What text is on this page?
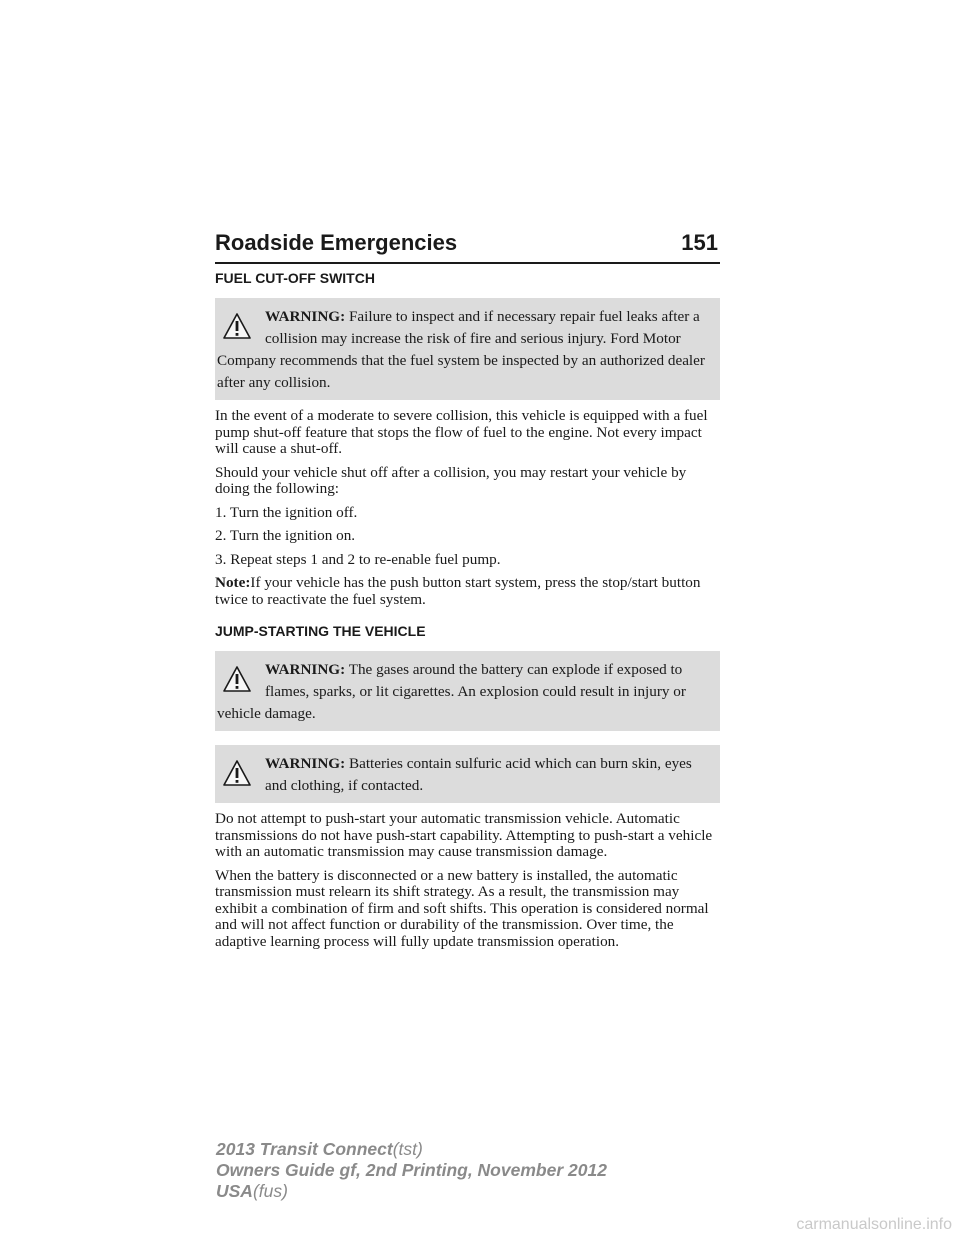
Roadside Emergencies	151
FUEL CUT-OFF SWITCH
WARNING: Failure to inspect and if necessary repair fuel leaks after a collision may increase the risk of fire and serious injury. Ford Motor Company recommends that the fuel system be inspected by an authorized dealer after any collision.

In the event of a moderate to severe collision, this vehicle is equipped with a fuel pump shut-off feature that stops the flow of fuel to the engine. Not every impact will cause a shut-off.

Should your vehicle shut off after a collision, you may restart your vehicle by doing the following:

1. Turn the ignition off.

2. Turn the ignition on.

3. Repeat steps 1 and 2 to re-enable fuel pump.

Note:If your vehicle has the push button start system, press the stop/start button twice to reactivate the fuel system.

JUMP-STARTING THE VEHICLE
WARNING: The gases around the battery can explode if exposed to flames, sparks, or lit cigarettes. An explosion could result in injury or vehicle damage.
WARNING: Batteries contain sulfuric acid which can burn skin, eyes and clothing, if contacted.

Do not attempt to push-start your automatic transmission vehicle. Automatic transmissions do not have push-start capability. Attempting to push-start a vehicle with an automatic transmission may cause transmission damage.

When the battery is disconnected or a new battery is installed, the automatic transmission must relearn its shift strategy. As a result, the transmission may exhibit a combination of firm and soft shifts. This operation is considered normal and will not affect function or durability of the transmission. Over time, the adaptive learning process will fully update transmission operation.

2013 Transit Connect(tst)
Owners Guide gf, 2nd Printing, November 2012
USA(fus)
carmanualsonline.info
